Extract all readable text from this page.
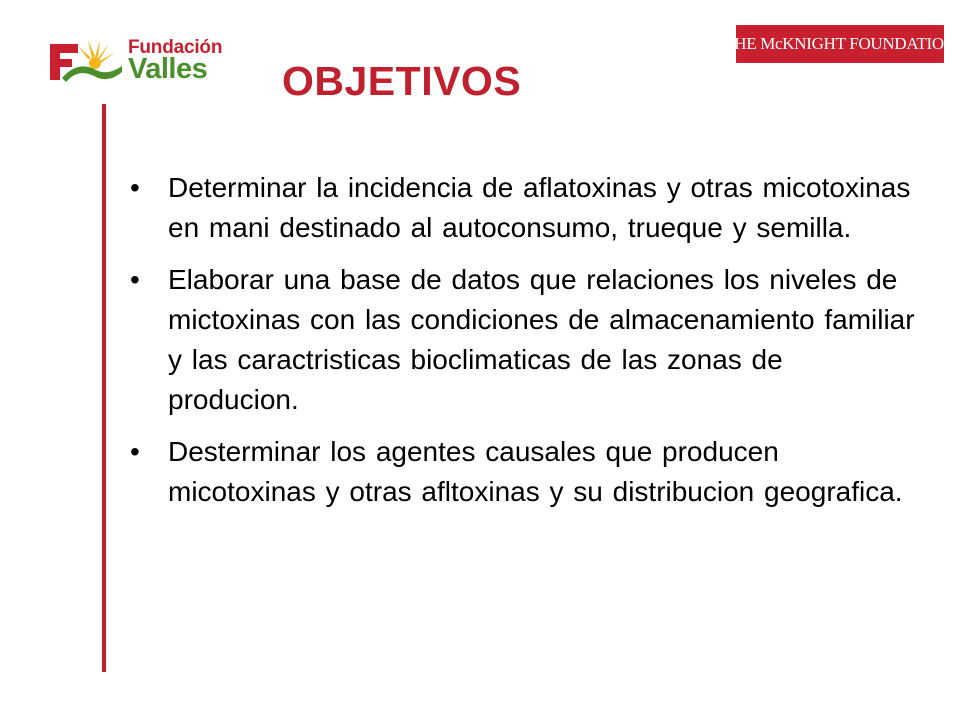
Fundación
Valles
THE McKNIGHT FOUNDATION
OBJETIVOS
• Determinar la incidencia de aflatoxinas y otras micotoxinas en mani destinado al autoconsumo, trueque y semilla.
• Elaborar una base de datos que relaciones los niveles de mictoxinas con las condiciones de almacenamiento familiar y las caractristicas bioclimaticas de las zonas de producion.
• Desterminar los agentes causales que producen micotoxinas y otras afltoxinas y su distribucion geografica.
